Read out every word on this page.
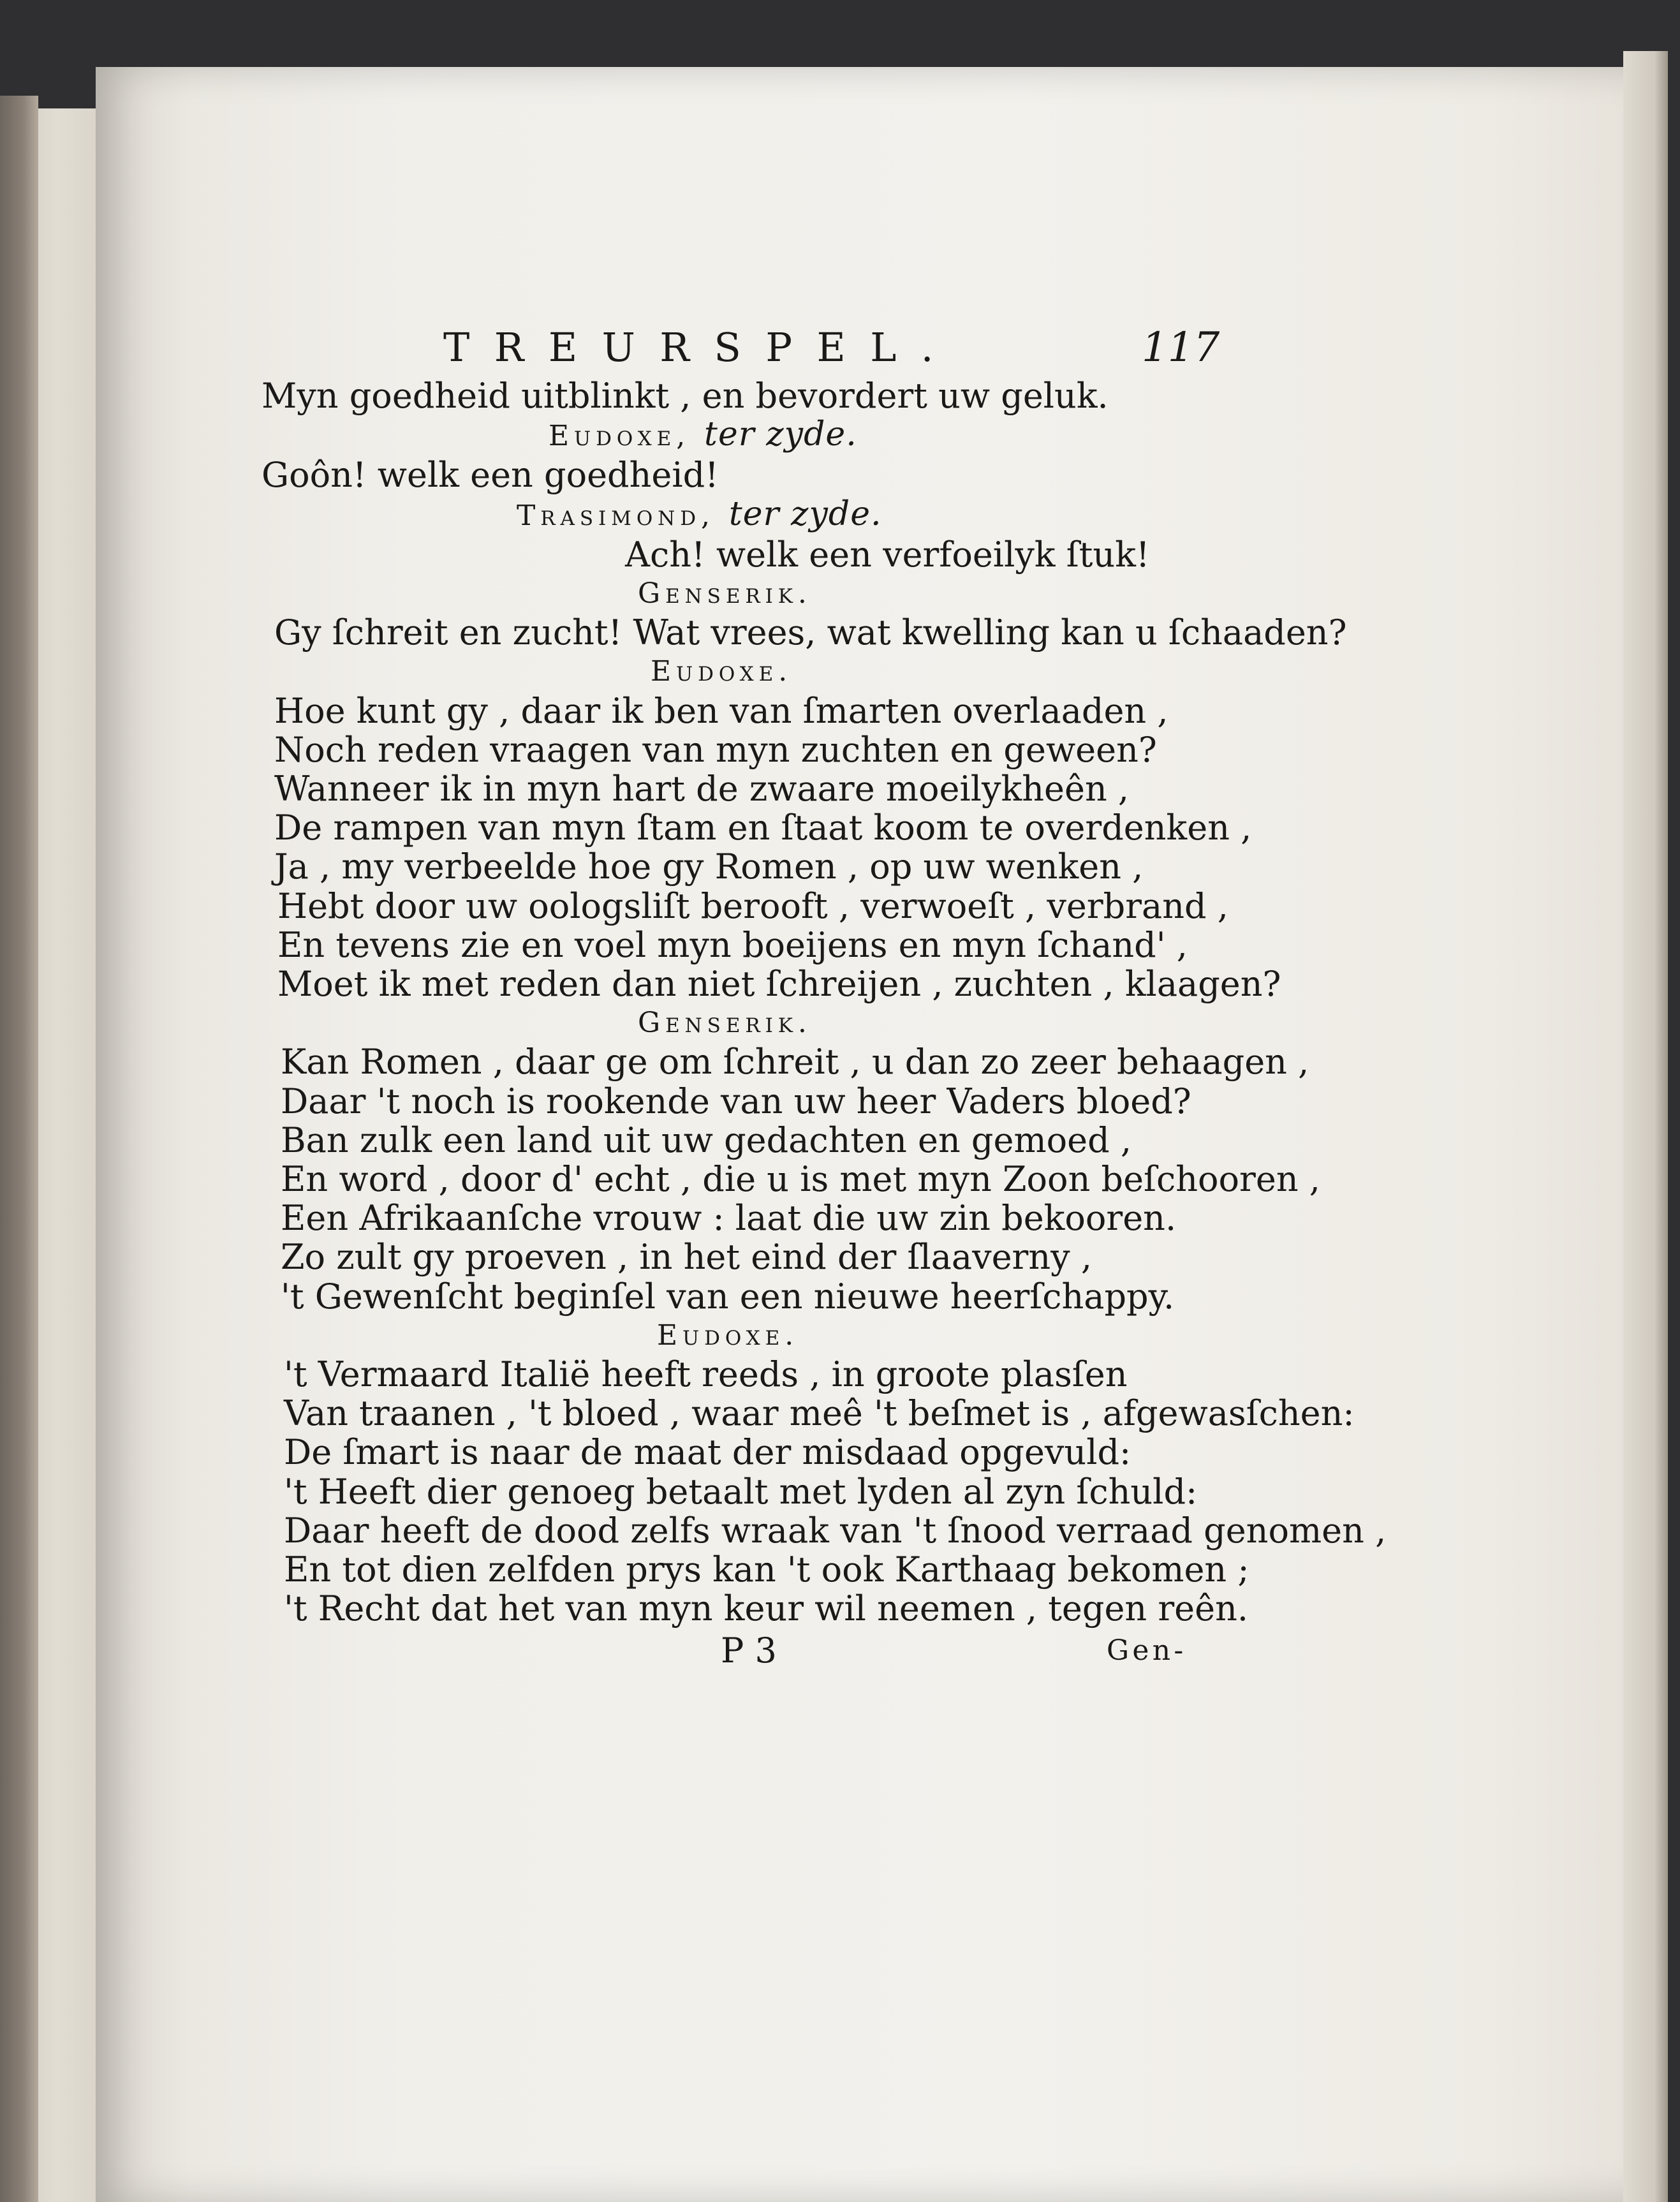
TREURSPEL.	117
Myn goedheid uitblinkt , en bevordert uw geluk.
Eudoxe, ter zyde.
Goôn! welk een goedheid!
Trasimond, ter zyde.
Ach! welk een verfoeilyk ſtuk!
Genserik.
Gy ſchreit en zucht! Wat vrees, wat kwelling kan u ſchaaden?
Eudoxe.
Hoe kunt gy , daar ik ben van ſmarten overlaaden ,
Noch reden vraagen van myn zuchten en geween?
Wanneer ik in myn hart de zwaare moeilykheên ,
De rampen van myn ſtam en ſtaat koom te overdenken ,
Ja , my verbeelde hoe gy Romen , op uw wenken ,
Hebt door uw oologsliſt berooft , verwoeſt , verbrand ,
En tevens zie en voel myn boeijens en myn ſchand' ,
Moet ik met reden dan niet ſchreijen , zuchten , klaagen?
Genserik.
Kan Romen , daar ge om ſchreit , u dan zo zeer behaagen ,
Daar 't noch is rookende van uw heer Vaders bloed?
Ban zulk een land uit uw gedachten en gemoed ,
En word , door d' echt , die u is met myn Zoon beſchooren ,
Een Afrikaanſche vrouw : laat die uw zin bekooren.
Zo zult gy proeven , in het eind der ſlaaverny ,
't Gewenſcht beginſel van een nieuwe heerſchappy.
Eudoxe.
't Vermaard Italië heeft reeds , in groote plasſen
Van traanen , 't bloed , waar meê 't beſmet is , afgewasſchen:
De ſmart is naar de maat der misdaad opgevuld:
't Heeft dier genoeg betaalt met lyden al zyn ſchuld:
Daar heeft de dood zelfs wraak van 't ſnood verraad genomen ,
En tot dien zelfden prys kan 't ook Karthaag bekomen ;
't Recht dat het van myn keur wil neemen , tegen reên.
P 3	Gen-
